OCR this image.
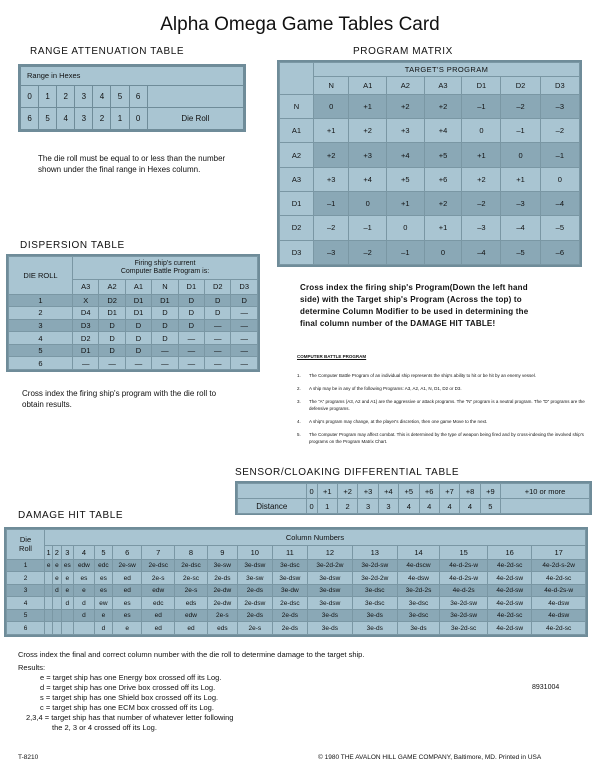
Alpha Omega Game Tables Card
RANGE ATTENUATION TABLE
Range in Hexes							
0	1	2	3	4	5	6	
6	5	4	3	2	1	0	Die Roll
The die roll must be equal to or less than the number shown under the final range in Hexes column.
PROGRAM MATRIX
	TARGET'S PROGRAM						
	N	A1	A2	A3	D1	D2	D3
N	0	+1	+2	+2	–1	–2	–3
A1	+1	+2	+3	+4	0	–1	–2
A2	+2	+3	+4	+5	+1	0	–1
A3	+3	+4	+5	+6	+2	+1	0
D1	–1	0	+1	+2	–2	–3	–4
D2	–2	–1	0	+1	–3	–4	–5
D3	–3	–2	–1	0	–4	–5	–6
Cross index the firing ship's Program(Down the left hand side) with the Target ship's Program (Across the top) to determine Column Modifier to be used in determining the final column number of the DAMAGE HIT TABLE!
DISPERSION TABLE
DIE ROLL	Firing ship's current
Computer Battle Program is:						
	A3	A2	A1	N	D1	D2	D3
1	X	D2	D1	D1	D	D	D
2	D4	D1	D1	D	D	D	—
3	D3	D	D	D	D	—	—
4	D2	D	D	D	—	—	—
5	D1	D	D	—	—	—	—
6	—	—	—	—	—	—	—
Cross index the firing ship's program with the die roll to obtain results.
COMPUTER BATTLE PROGRAM
1. The Computer Battle Program of an individual ship represents the ship's ability to hit or be hit by an enemy vessel.
2. A ship may be in any of the following Programs: A3, A2, A1, N, D1, D2 or D3.
3. The "A" programs (A3, A2 and A1) are the aggressive or attack programs. The "N" program is a neutral program. The "D" programs are the defensive programs.
4. A ship's program may change, at the player's discretion, then one game Move to the next.
5. The Computer Program may affect combat. This is determined by the type of weapon being fired and by cross-indexing the involved ship's programs on the Program Matrix Chart.
SENSOR/CLOAKING DIFFERENTIAL TABLE
	0	+1	+2	+3	+4	+5	+6	+7	+8	+9	+10 or more
Distance	0	1	2	3	3	4	4	4	4	5	
DAMAGE HIT TABLE
Die
Roll	Column Numbers																
	1	2	3	4	5	6	7	8	9	10	11	12	13	14	15	16	17
1	e	e	es	edw	edc	2e-sw	2e-dsc	2e-dsc	3e-sw	3e-dsw	3e-dsc	3e-2d-2w	3e-2d-sw	4e-dscw	4e-d-2s-w	4e-2d-sc	4e-2d-s-2w
2		e	e	es	es	ed	2e-s	2e-sc	2e-ds	3e-sw	3e-dsw	3e-dsw	3e-2d-2w	4e-dsw	4e-d-2s-w	4e-2d-sw	4e-2d-sc
3		d	e	e	es	ed	edw	2e-s	2e-dw	2e-ds	3e-dw	3e-dsw	3e-dsc	3e-2d-2s	4e-d-2s	4e-2d-sw	4e-d-2s-w
4			d	d	ew	es	edc	eds	2e-dw	2e-dsw	2e-dsc	3e-dsw	3e-dsc	3e-dsc	3e-2d-sw	4e-2d-sw	4e-dsw
5				d	e	es	ed	edw	2e-s	2e-ds	2e-ds	3e-ds	3e-ds	3e-dsc	3e-2d-sw	4e-2d-sc	4e-dsw
6					d	e	ed	ed	eds	2e-s	2e-ds	3e-ds	3e-ds	3e-ds	3e-2d-sc	4e-2d-sw	4e-2d-sc
Cross index the final and correct column number with the die roll to determine damage to the target ship.
Results:
e = target ship has one Energy box crossed off its Log.
d = target ship has one Drive box crossed off its Log.
s = target ship has one Shield box crossed off its Log.
c = target ship has one ECM box crossed off its Log.
2,3,4 = target ship has that number of whatever letter following
the 2, 3 or 4 crossed off its Log.
8931004
T-8210	© 1980 THE AVALON HILL GAME COMPANY, Baltimore, MD. Printed in USA
